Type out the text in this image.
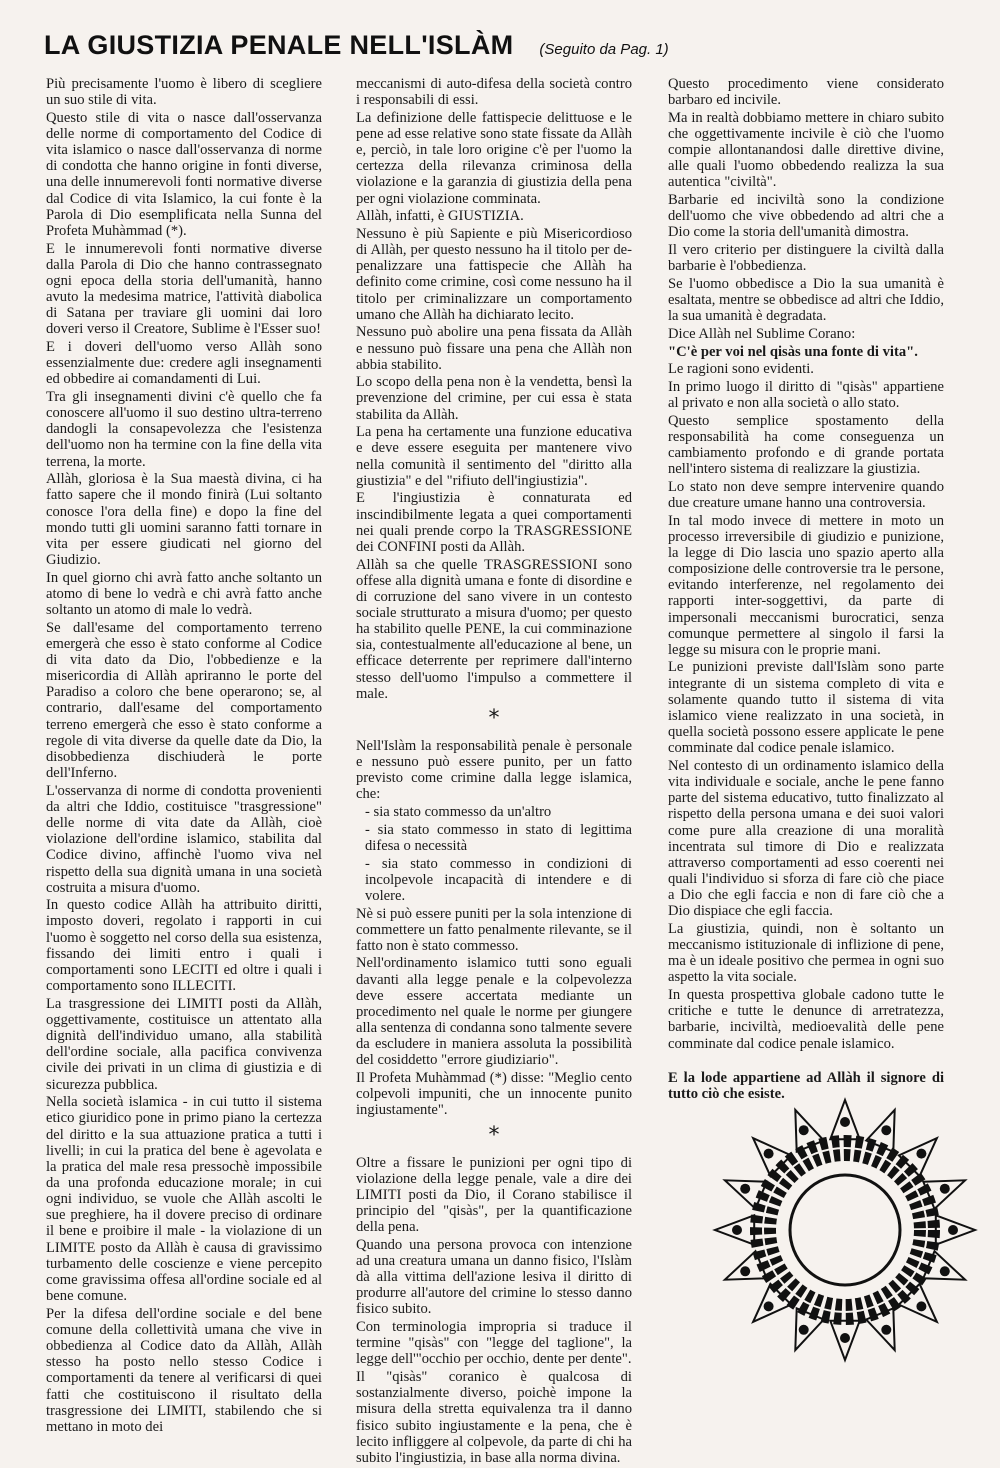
LA GIUSTIZIA PENALE NELL'ISLÀM (Seguito da Pag. 1)

Più precisamente l'uomo è libero di scegliere un suo stile di vita.

Questo stile di vita o nasce dall'osservanza delle norme di comportamento del Codice di vita islamico o nasce dall'osservanza di norme di condotta che hanno origine in fonti diverse, una delle innumerevoli fonti normative diverse dal Codice di vita Islamico, la cui fonte è la Parola di Dio esemplificata nella Sunna del Profeta Muhàmmad (*).

E le innumerevoli fonti normative diverse dalla Parola di Dio che hanno contrassegnato ogni epoca della storia dell'umanità, hanno avuto la medesima matrice, l'attività diabolica di Satana per traviare gli uomini dai loro doveri verso il Creatore, Sublime è l'Esser suo!

E i doveri dell'uomo verso Allàh sono essenzialmente due: credere agli insegnamenti ed obbedire ai comandamenti di Lui.

Tra gli insegnamenti divini c'è quello che fa conoscere all'uomo il suo destino ultra-terreno dandogli la consapevolezza che l'esistenza dell'uomo non ha termine con la fine della vita terrena, la morte.

Allàh, gloriosa è la Sua maestà divina, ci ha fatto sapere che il mondo finirà (Lui soltanto conosce l'ora della fine) e dopo la fine del mondo tutti gli uomini saranno fatti tornare in vita per essere giudicati nel giorno del Giudizio.

In quel giorno chi avrà fatto anche soltanto un atomo di bene lo vedrà e chi avrà fatto anche soltanto un atomo di male lo vedrà.

Se dall'esame del comportamento terreno emergerà che esso è stato conforme al Codice di vita dato da Dio, l'obbedienze e la misericordia di Allàh apriranno le porte del Paradiso a coloro che bene operarono; se, al contrario, dall'esame del comportamento terreno emergerà che esso è stato conforme a regole di vita diverse da quelle date da Dio, la disobbedienza dischiuderà le porte dell'Inferno.

L'osservanza di norme di condotta provenienti da altri che Iddio, costituisce "trasgressione" delle norme di vita date da Allàh, cioè violazione dell'ordine islamico, stabilita dal Codice divino, affinchè l'uomo viva nel rispetto della sua dignità umana in una società costruita a misura d'uomo.

In questo codice Allàh ha attribuito diritti, imposto doveri, regolato i rapporti in cui l'uomo è soggetto nel corso della sua esistenza, fissando dei limiti entro i quali i comportamenti sono LECITI ed oltre i quali i comportamento sono ILLECITI.

La trasgressione dei LIMITI posti da Allàh, oggettivamente, costituisce un attentato alla dignità dell'individuo umano, alla stabilità dell'ordine sociale, alla pacifica convivenza civile dei privati in un clima di giustizia e di sicurezza pubblica.

Nella società islamica - in cui tutto il sistema etico giuridico pone in primo piano la certezza del diritto e la sua attuazione pratica a tutti i livelli; in cui la pratica del bene è agevolata e la pratica del male resa pressochè impossibile da una profonda educazione morale; in cui ogni individuo, se vuole che Allàh ascolti le sue preghiere, ha il dovere preciso di ordinare il bene e proibire il male - la violazione di un LIMITE posto da Allàh è causa di gravissimo turbamento delle coscienze e viene percepito come gravissima offesa all'ordine sociale ed al bene comune.

Per la difesa dell'ordine sociale e del bene comune della collettività umana che vive in obbedienza al Codice dato da Allàh, Allàh stesso ha posto nello stesso Codice i comportamenti da tenere al verificarsi di quei fatti che costituiscono il risultato della trasgressione dei LIMITI, stabilendo che si mettano in moto dei

meccanismi di auto-difesa della società contro i responsabili di essi.

La definizione delle fattispecie delittuose e le pene ad esse relative sono state fissate da Allàh e, perciò, in tale loro origine c'è per l'uomo la certezza della rilevanza criminosa della violazione e la garanzia di giustizia della pena per ogni violazione comminata.

Allàh, infatti, è GIUSTIZIA.

Nessuno è più Sapiente e più Misericordioso di Allàh, per questo nessuno ha il titolo per de-penalizzare una fattispecie che Allàh ha definito come crimine, così come nessuno ha il titolo per criminalizzare un comportamento umano che Allàh ha dichiarato lecito.

Nessuno può abolire una pena fissata da Allàh e nessuno può fissare una pena che Allàh non abbia stabilito.

Lo scopo della pena non è la vendetta, bensì la prevenzione del crimine, per cui essa è stata stabilita da Allàh.

La pena ha certamente una funzione educativa e deve essere eseguita per mantenere vivo nella comunità il sentimento del "diritto alla giustizia" e del "rifiuto dell'ingiustizia".

E l'ingiustizia è connaturata ed inscindibilmente legata a quei comportamenti nei quali prende corpo la TRASGRESSIONE dei CONFINI posti da Allàh.

Allàh sa che quelle TRASGRESSIONI sono offese alla dignità umana e fonte di disordine e di corruzione del sano vivere in un contesto sociale strutturato a misura d'uomo; per questo ha stabilito quelle PENE, la cui comminazione sia, contestualmente all'educazione al bene, un efficace deterrente per reprimere dall'interno stesso dell'uomo l'impulso a commettere il male.

*

Nell'Islàm la responsabilità penale è personale e nessuno può essere punito, per un fatto previsto come crimine dalla legge islamica, che:

- sia stato commesso da un'altro

- sia stato commesso in stato di legittima difesa o necessità

- sia stato commesso in condizioni di incolpevole incapacità di intendere e di volere.

Nè si può essere puniti per la sola intenzione di commettere un fatto penalmente rilevante, se il fatto non è stato commesso.

Nell'ordinamento islamico tutti sono eguali davanti alla legge penale e la colpevolezza deve essere accertata mediante un procedimento nel quale le norme per giungere alla sentenza di condanna sono talmente severe da escludere in maniera assoluta la possibilità del cosiddetto "errore giudiziario".

Il Profeta Muhàmmad (*) disse: "Meglio cento colpevoli impuniti, che un innocente punito ingiustamente".

*

Oltre a fissare le punizioni per ogni tipo di violazione della legge penale, vale a dire dei LIMITI posti da Dio, il Corano stabilisce il principio del "qisàs", per la quantificazione della pena.

Quando una persona provoca con intenzione ad una creatura umana un danno fisico, l'Islàm dà alla vittima dell'azione lesiva il diritto di produrre all'autore del crimine lo stesso danno fisico subito.

Con terminologia impropria si traduce il termine "qisàs" con "legge del taglione", la legge dell'"occhio per occhio, dente per dente".

Il "qisàs" coranico è qualcosa di sostanzialmente diverso, poichè impone la misura della stretta equivalenza tra il danno fisico subito ingiustamente e la pena, che è lecito infliggere al colpevole, da parte di chi ha subito l'ingiustizia, in base alla norma divina.

Questo procedimento viene considerato barbaro ed incivile.

Ma in realtà dobbiamo mettere in chiaro subito che oggettivamente incivile è ciò che l'uomo compie allontanandosi dalle direttive divine, alle quali l'uomo obbedendo realizza la sua autentica "civiltà".

Barbarie ed inciviltà sono la condizione dell'uomo che vive obbedendo ad altri che a Dio come la storia dell'umanità dimostra.

Il vero criterio per distinguere la civiltà dalla barbarie è l'obbedienza.

Se l'uomo obbedisce a Dio la sua umanità è esaltata, mentre se obbedisce ad altri che Iddio, la sua umanità è degradata.

Dice Allàh nel Sublime Corano:

"C'è per voi nel qisàs una fonte di vita".

Le ragioni sono evidenti.

In primo luogo il diritto di "qisàs" appartiene al privato e non alla società o allo stato.

Questo semplice spostamento della responsabilità ha come conseguenza un cambiamento profondo e di grande portata nell'intero sistema di realizzare la giustizia.

Lo stato non deve sempre intervenire quando due creature umane hanno una controversia.

In tal modo invece di mettere in moto un processo irreversibile di giudizio e punizione, la legge di Dio lascia uno spazio aperto alla composizione delle controversie tra le persone, evitando interferenze, nel regolamento dei rapporti inter-soggettivi, da parte di impersonali meccanismi burocratici, senza comunque permettere al singolo il farsi la legge su misura con le proprie mani.

Le punizioni previste dall'Islàm sono parte integrante di un sistema completo di vita e solamente quando tutto il sistema di vita islamico viene realizzato in una società, in quella società possono essere applicate le pene comminate dal codice penale islamico.

Nel contesto di un ordinamento islamico della vita individuale e sociale, anche le pene fanno parte del sistema educativo, tutto finalizzato al rispetto della persona umana e dei suoi valori come pure alla creazione di una moralità incentrata sul timore di Dio e realizzata attraverso comportamenti ad esso coerenti nei quali l'individuo si sforza di fare ciò che piace a Dio che egli faccia e non di fare ciò che a Dio dispiace che egli faccia.

La giustizia, quindi, non è soltanto un meccanismo istituzionale di inflizione di pene, ma è un ideale positivo che permea in ogni suo aspetto la vita sociale.

In questa prospettiva globale cadono tutte le critiche e tutte le denunce di arretratezza, barbarie, inciviltà, medioevalità delle pene comminate dal codice penale islamico.

E la lode appartiene ad Allàh il signore di tutto ciò che esiste.
